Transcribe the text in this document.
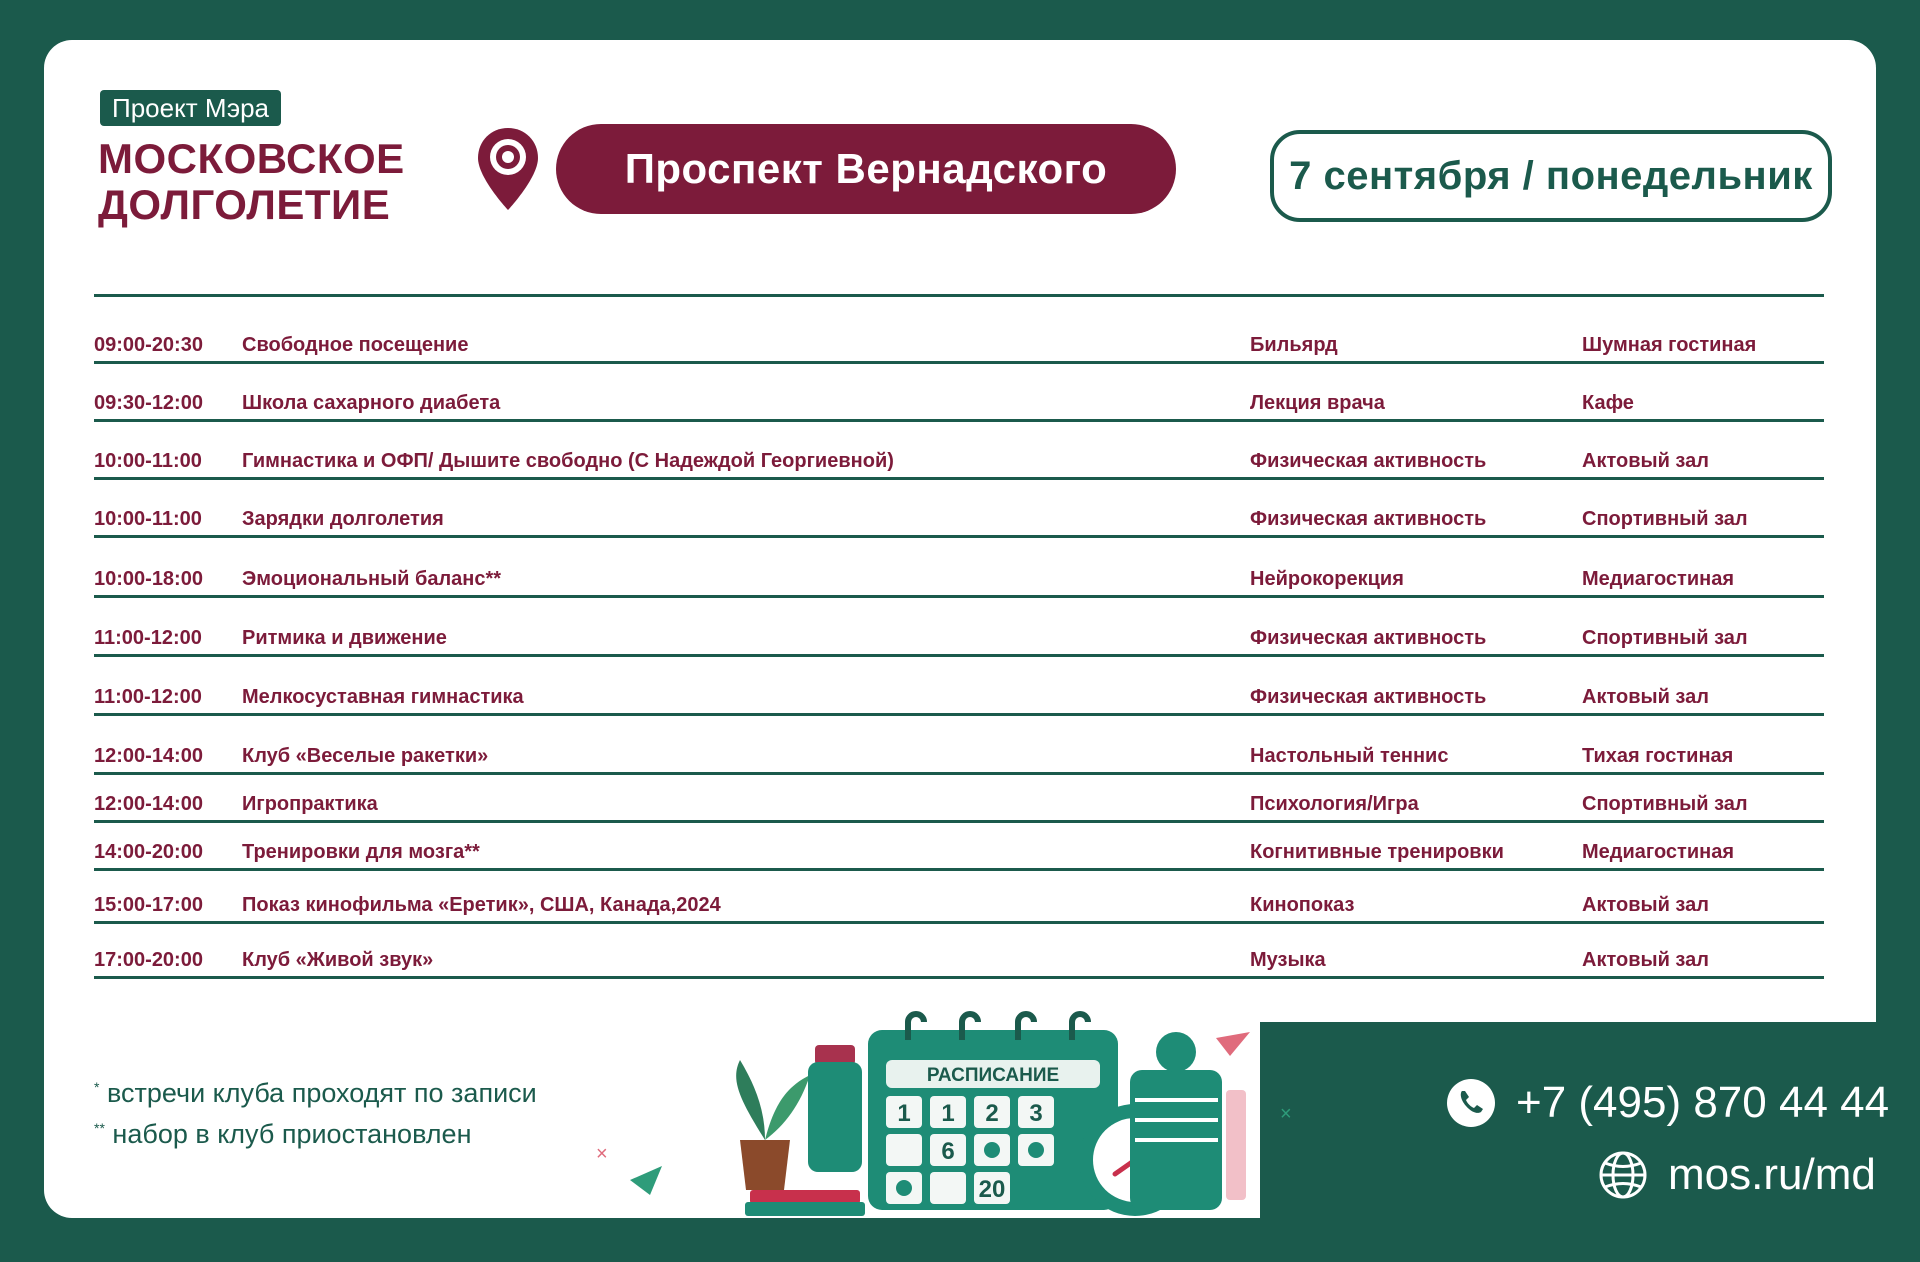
Проект Мэра
МОСКОВСКОЕ
ДОЛГОЛЕТИЕ
Проспект Вернадского	7 сентября / понедельник
09:00-20:30 Свободное посещение	Бильярд	Шумная гостиная
09:30-12:00 Школа сахарного диабета	Лекция врача	Кафе
10:00-11:00 Гимнастика и ОФП/ Дышите свободно (С Надеждой Георгиевной)	Физическая активность	Актовый зал
10:00-11:00 Зарядки долголетия	Физическая активность	Спортивный зал
10:00-18:00 Эмоциональный баланс**	Нейрокорекция	Медиагостиная
11:00-12:00 Ритмика и движение	Физическая активность	Спортивный зал
11:00-12:00 Мелкосуставная гимнастика	Физическая активность	Актовый зал
12:00-14:00 Клуб «Веселые ракетки»	Настольный теннис	Тихая гостиная
12:00-14:00 Игропрактика	Психология/Игра	Спортивный зал
14:00-20:00 Тренировки для мозга**	Когнитивные тренировки	Медиагостиная
15:00-17:00 Показ кинофильма «Еретик», США, Канада,2024	Кинопоказ	Актовый зал
17:00-20:00 Клуб «Живой звук»	Музыка	Актовый зал
* встречи клуба проходят по записи
** набор в клуб приостановлен
РАСПИСАНИЕ
1 1 2 3
6
20
×
×	+7 (495) 870 44 44
mos.ru/md
